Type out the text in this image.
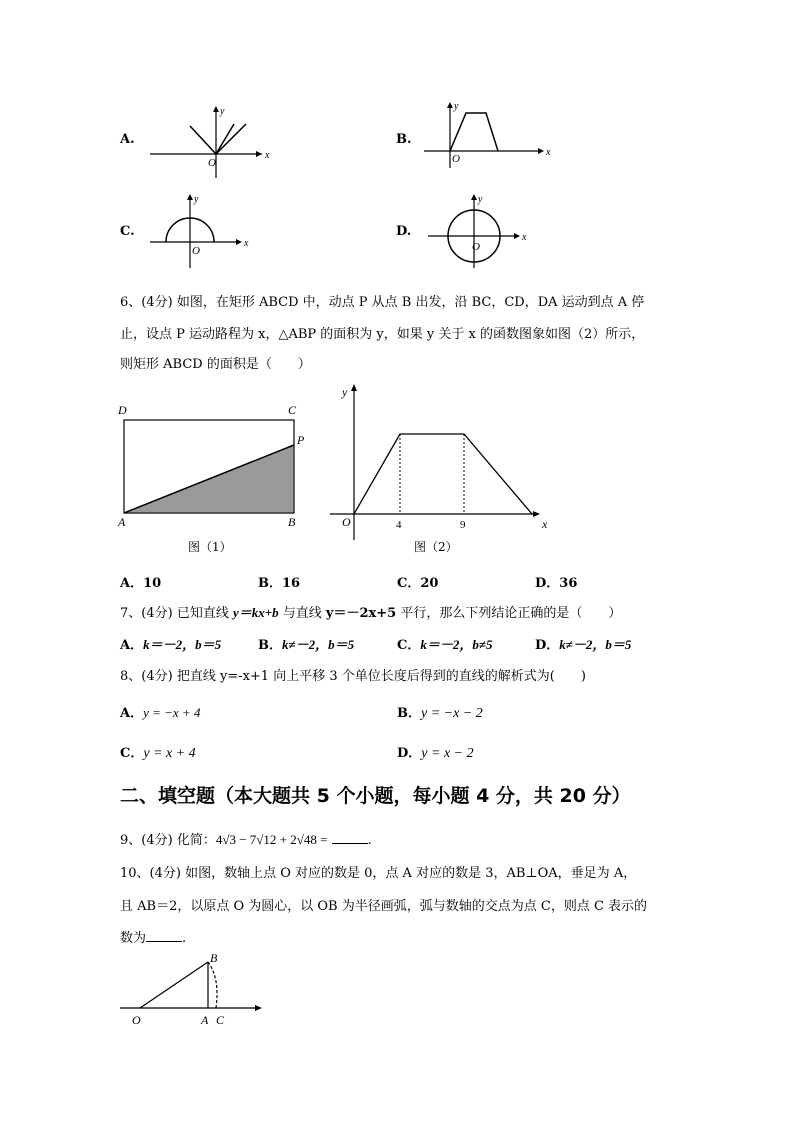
A.
y
x
O
B.
y
x
O
C.
y
x
O
D.
y
x
O
6、(4分) 如图，在矩形 ABCD 中，动点 P 从点 B 出发，沿 BC，CD，DA 运动到点 A 停
止，设点 P 运动路程为 x，△ABP 的面积为 y，如果 y 关于 x 的函数图象如图（2）所示，
则矩形 ABCD 的面积是（　　）
D	C
P
A	B
图（1）
y
x
O	4	9
图（2）
A．10	B．16	C．20	D．36
7、(4分) 已知直线 y＝kx+b 与直线 y＝－2x+5 平行，那么下列结论正确的是（　　）
A．k＝－2，b＝5	B．k≠－2，b＝5	C．k＝－2，b≠5	D．k≠－2，b＝5
8、(4分) 把直线 y=-x+1 向上平移 3 个单位长度后得到的直线的解析式为(　　)
A．y = −x + 4	B．y = −x − 2
C．y = x + 4	D．y = x − 2
二、填空题（本大题共 5 个小题，每小题 4 分，共 20 分）
9、(4分) 化简：4√3 − 7√12 + 2√48 =	.
10、(4分) 如图，数轴上点 O 对应的数是 0，点 A 对应的数是 3，AB⊥OA，垂足为 A，
且 AB＝2，以原点 O 为圆心，以 OB 为半径画弧，弧与数轴的交点为点 C，则点 C 表示的
数为	.
O	A C
B
